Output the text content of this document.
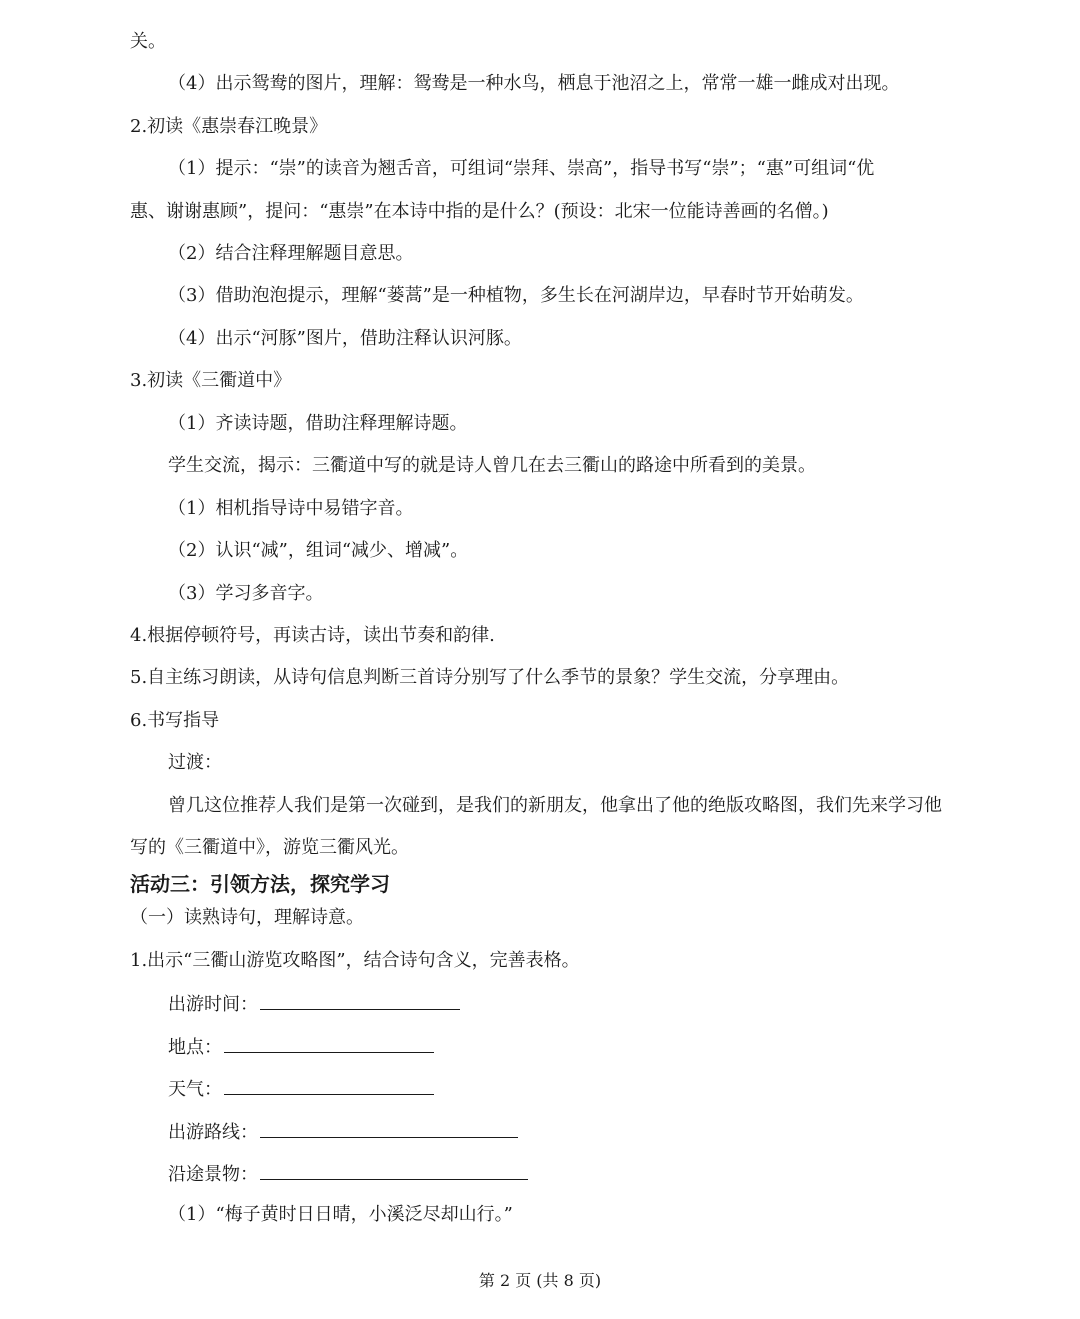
关。
（4）出示鸳鸯的图片，理解：鸳鸯是一种水鸟，栖息于池沼之上，常常一雄一雌成对出现。
2.初读《惠崇春江晚景》
（1）提示：“崇”的读音为翘舌音，可组词“崇拜、崇高”，指导书写“崇”；“惠”可组词“优
惠、谢谢惠顾”，提问：“惠崇”在本诗中指的是什么？(预设：北宋一位能诗善画的名僧。)
（2）结合注释理解题目意思。
（3）借助泡泡提示，理解“蒌蒿”是一种植物，多生长在河湖岸边，早春时节开始萌发。
（4）出示“河豚”图片，借助注释认识河豚。
3.初读《三衢道中》
（1）齐读诗题，借助注释理解诗题。
学生交流，揭示：三衢道中写的就是诗人曾几在去三衢山的路途中所看到的美景。
（1）相机指导诗中易错字音。
（2）认识“减”，组词“减少、增减”。
（3）学习多音字。
4.根据停顿符号，再读古诗，读出节奏和韵律.
5.自主练习朗读，从诗句信息判断三首诗分别写了什么季节的景象？学生交流，分享理由。
6.书写指导
过渡：
曾几这位推荐人我们是第一次碰到，是我们的新朋友，他拿出了他的绝版攻略图，我们先来学习他
写的《三衢道中》，游览三衢风光。
活动三：引领方法，探究学习
（一）读熟诗句，理解诗意。
1.出示“三衢山游览攻略图”，结合诗句含义，完善表格。
出游时间：
地点：
天气：
出游路线：
沿途景物：
（1）“梅子黄时日日晴，小溪泛尽却山行。”
第 2 页 (共 8 页)
